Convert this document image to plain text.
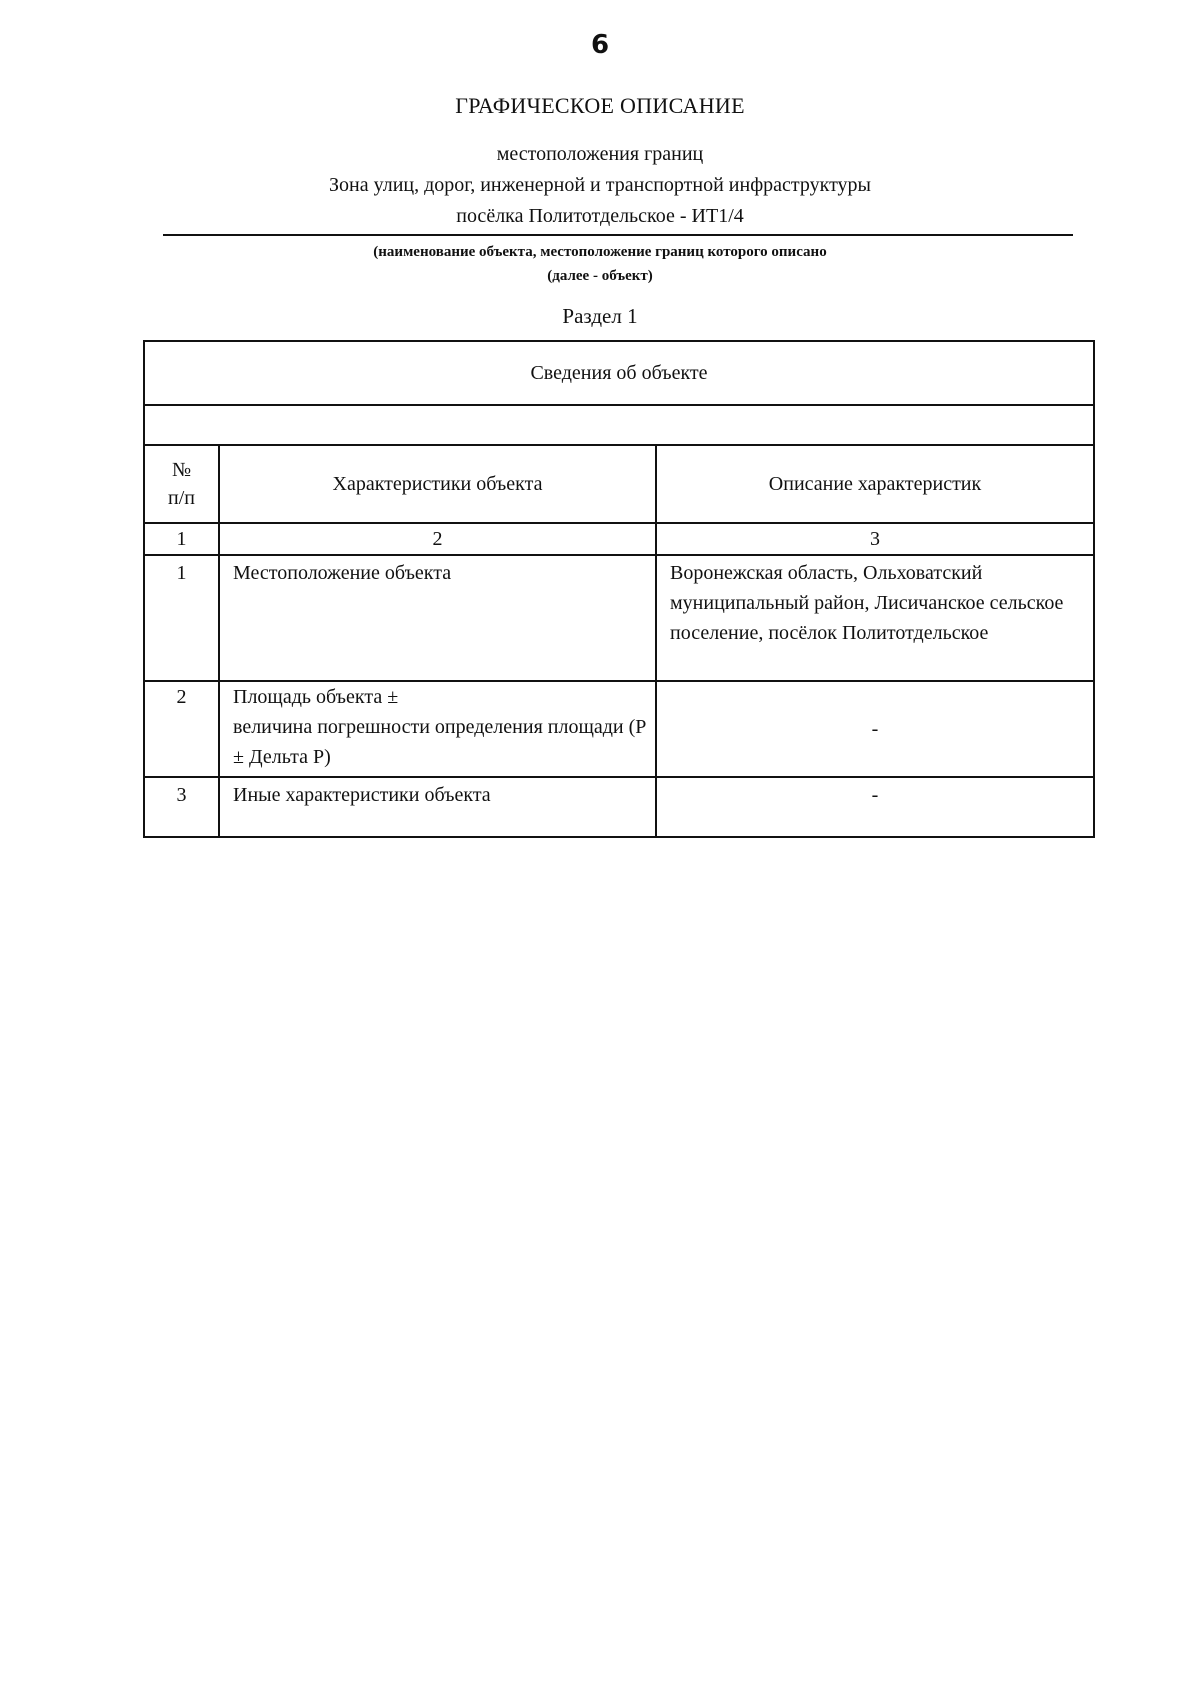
6
ГРАФИЧЕСКОЕ ОПИСАНИЕ
местоположения границ
Зона улиц, дорог, инженерной и транспортной инфраструктуры
посёлка Политотдельское - ИТ1/4
(наименование объекта, местоположение границ которого описано
(далее - объект)
Раздел 1
Сведения об объекте		

№
п/п	Характеристики объекта	Описание характеристик
1	2	3
1	Местоположение объекта	Воронежская область, Ольховатский муниципальный район, Лисичанское сельское поселение, посёлок Политотдельское
2	Площадь объекта ±
величина погрешности определения площади (Р ± Дельта Р)	-
3	Иные характеристики объекта	-
